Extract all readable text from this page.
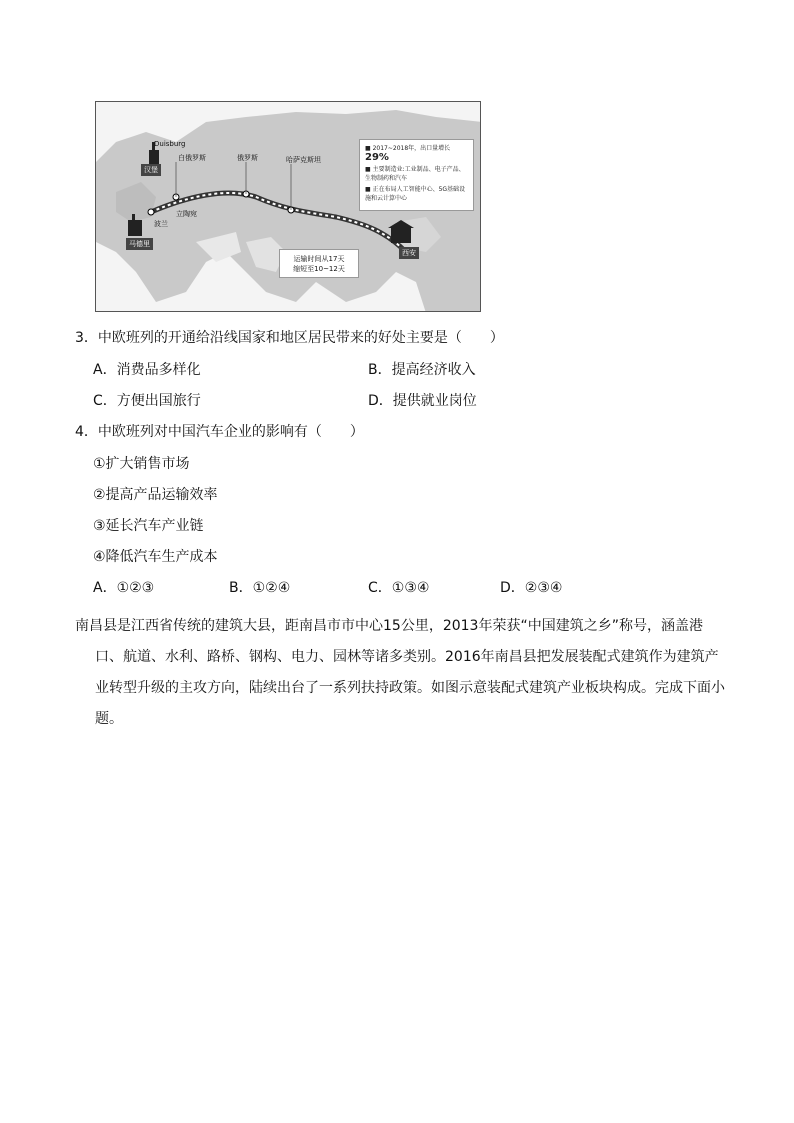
Duisburg
白俄罗斯
汉堡
立陶宛
波兰
马德里
俄罗斯	哈萨克斯坦
西安
■ 2017~2018年，出口量增长29%
■ 主要制造业:工业制品、电子产品、生物制药和汽车
■ 正在布局人工智能中心、5G基础设施和云计算中心
运输时间从17天
缩短至10~12天
3．中欧班列的开通给沿线国家和地区居民带来的好处主要是（　　）
A．消费品多样化	B．提高经济收入
C．方便出国旅行	D．提供就业岗位
4．中欧班列对中国汽车企业的影响有（　　）
①扩大销售市场
②提高产品运输效率
③延长汽车产业链
④降低汽车生产成本
A．①②③	B．①②④	C．①③④	D．②③④

南昌县是江西省传统的建筑大县，距南昌市市中心15公里，2013年荣获“中国建筑之乡”称号，涵盖港

口、航道、水利、路桥、钢构、电力、园林等诸多类别。2016年南昌县把发展装配式建筑作为建筑产

业转型升级的主攻方向，陆续出台了一系列扶持政策。如图示意装配式建筑产业板块构成。完成下面小

题。
